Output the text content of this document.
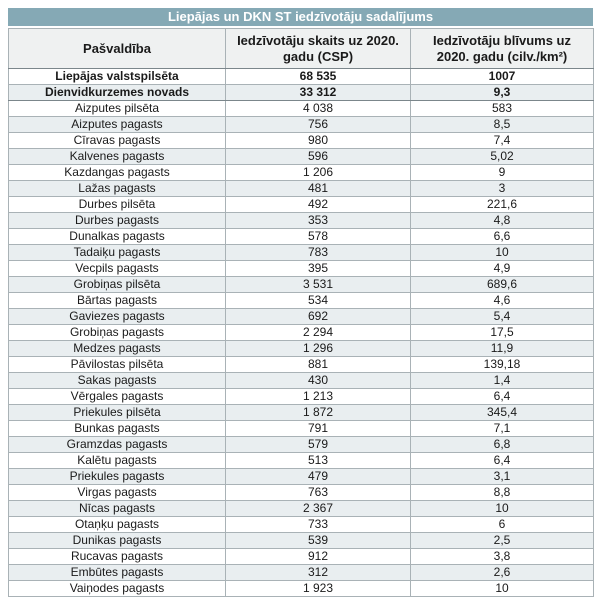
Liepājas un DKN ST iedzīvotāju sadalījums
Pašvaldība	Iedzīvotāju skaits uz 2020. gadu (CSP)	Iedzīvotāju blīvums uz 2020. gadu (cilv./km²)
Liepājas valstspilsēta	68 535	1007
Dienvidkurzemes novads	33 312	9,3
Aizputes pilsēta	4 038	583
Aizputes pagasts	756	8,5
Cīravas pagasts	980	7,4
Kalvenes pagasts	596	5,02
Kazdangas pagasts	1 206	9
Lažas pagasts	481	3
Durbes pilsēta	492	221,6
Durbes pagasts	353	4,8
Dunalkas pagasts	578	6,6
Tadaiķu pagasts	783	10
Vecpils pagasts	395	4,9
Grobiņas pilsēta	3 531	689,6
Bārtas pagasts	534	4,6
Gaviezes pagasts	692	5,4
Grobiņas pagasts	2 294	17,5
Medzes pagasts	1 296	11,9
Pāvilostas pilsēta	881	139,18
Sakas pagasts	430	1,4
Vērgales pagasts	1 213	6,4
Priekules pilsēta	1 872	345,4
Bunkas pagasts	791	7,1
Gramzdas pagasts	579	6,8
Kalētu pagasts	513	6,4
Priekules pagasts	479	3,1
Virgas pagasts	763	8,8
Nīcas pagasts	2 367	10
Otaņķu pagasts	733	6
Dunikas pagasts	539	2,5
Rucavas pagasts	912	3,8
Embūtes pagasts	312	2,6
Vaiņodes pagasts	1 923	10
